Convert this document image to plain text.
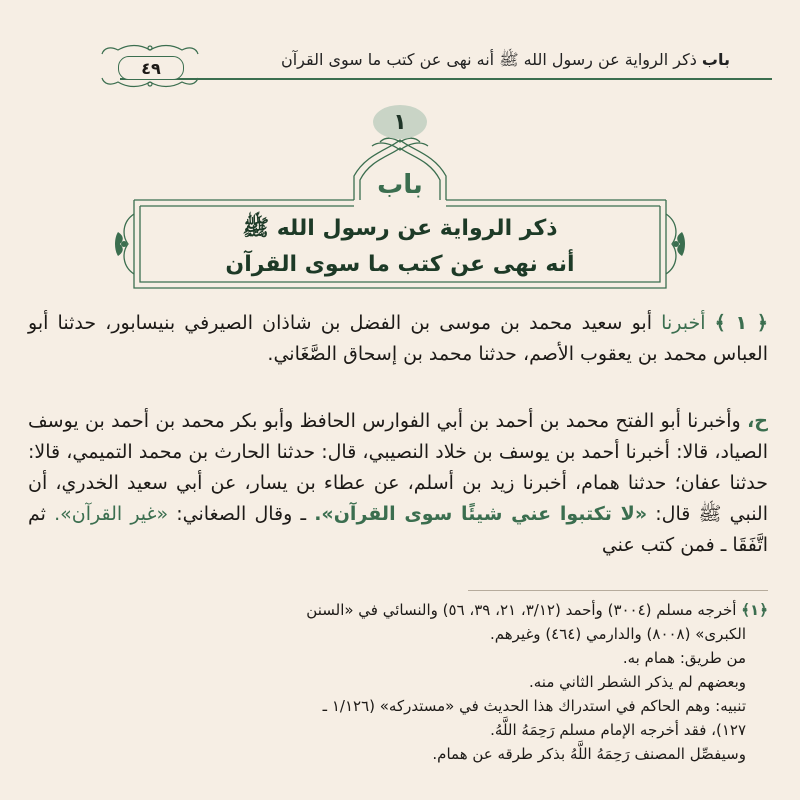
باب ذكر الرواية عن رسول الله ﷺ أنه نهى عن كتب ما سوى القرآن
٤٩
١
باب
ذكر الرواية عن رسول الله ﷺ
أنه نهى عن كتب ما سوى القرآن
﴿ ١ ﴾ أخبرنا أبو سعيد محمد بن موسى بن الفضل بن شاذان الصيرفي بنيسابور، حدثنا أبو العباس محمد بن يعقوب الأصم، حدثنا محمد بن إسحاق الصَّغَاني.
ح، وأخبرنا أبو الفتح محمد بن أحمد بن أبي الفوارس الحافظ وأبو بكر محمد بن أحمد بن يوسف الصياد، قالا: أخبرنا أحمد بن يوسف بن خلاد النصيبي، قال: حدثنا الحارث بن محمد التميمي، قالا: حدثنا عفان؛ حدثنا همام، أخبرنا زيد بن أسلم، عن عطاء بن يسار، عن أبي سعيد الخدري، أن النبي ﷺ قال: «لا تكتبوا عني شيئًا سوى القرآن». ـ وقال الصغاني: «غير القرآن». ثم اتَّفَقَا ـ فمن كتب عني
﴿١﴾ أخرجه مسلم (٣٠٠٤) وأحمد (٣/١٢، ٢١، ٣٩، ٥٦) والنسائي في «السنن
الكبرى» (٨٠٠٨) والدارمي (٤٦٤) وغيرهم.
من طريق: همام به.
وبعضهم لم يذكر الشطر الثاني منه.
تنبيه: وهم الحاكم في استدراك هذا الحديث في «مستدركه» (١/١٢٦ ـ
١٢٧)، فقد أخرجه الإمام مسلم رَحِمَهُ اللَّهُ.
وسيفصِّل المصنف رَحِمَهُ اللَّهُ بذكر طرقه عن همام.
